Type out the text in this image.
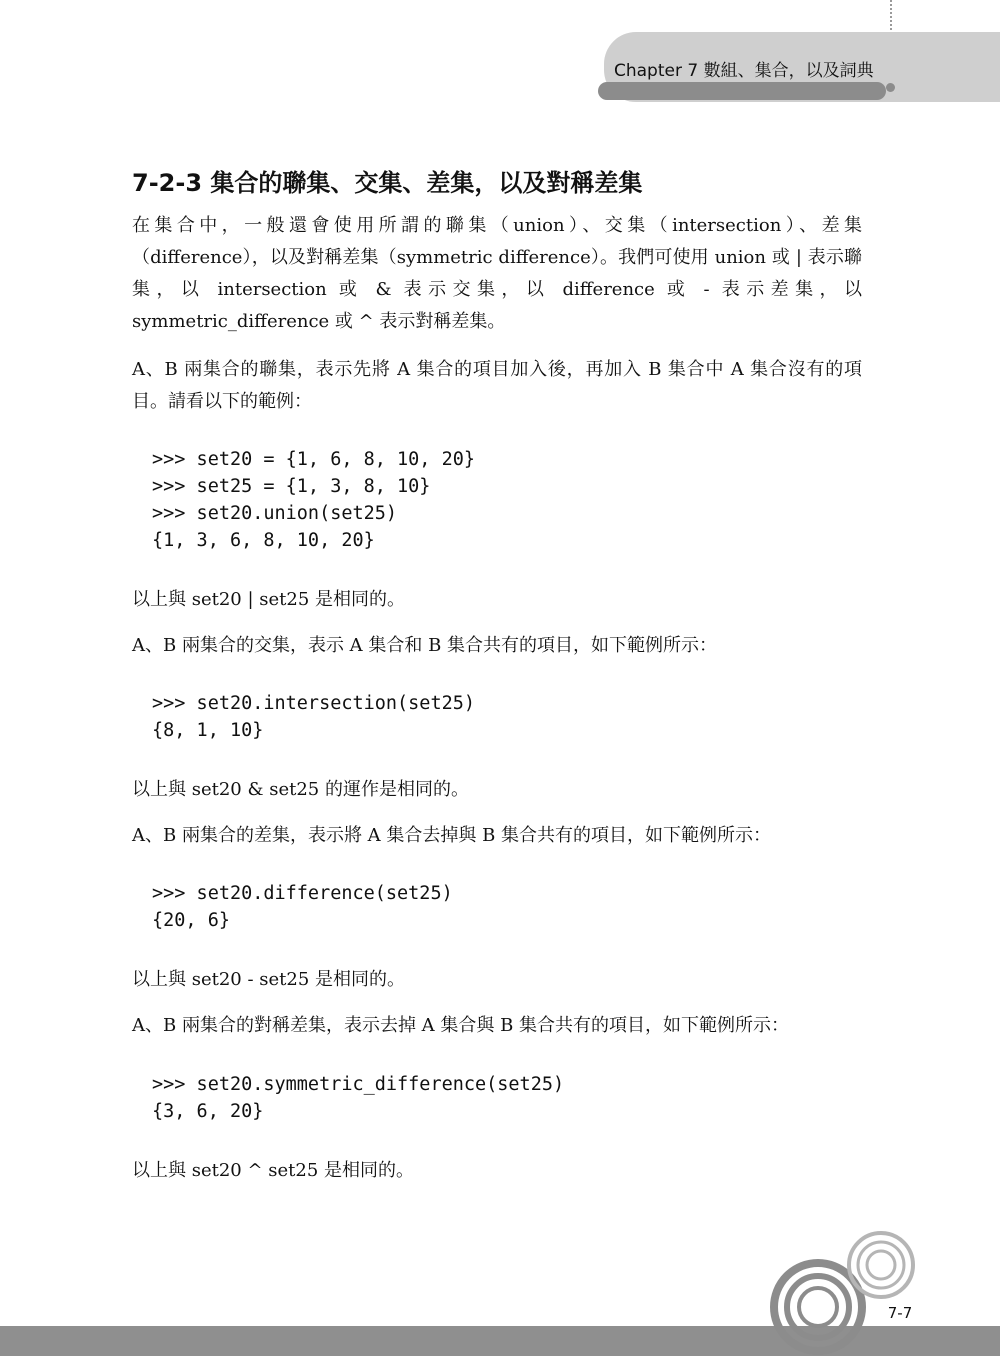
Chapter 7 數組、集合，以及詞典
7-2-3 集合的聯集、交集、差集，以及對稱差集

在集合中，一般還會使用所謂的聯集（union）、交集（intersection）、差集（difference），以及對稱差集（symmetric difference）。我們可使用 union 或 | 表示聯集，以 intersection 或 & 表示交集，以 difference 或 - 表示差集，以 symmetric_difference 或 ^ 表示對稱差集。

A、B 兩集合的聯集，表示先將 A 集合的項目加入後，再加入 B 集合中 A 集合沒有的項目。請看以下的範例：

>>> set20 = {1, 6, 8, 10, 20}
>>> set25 = {1, 3, 8, 10}
>>> set20.union(set25)
{1, 3, 6, 8, 10, 20}

以上與 set20 | set25 是相同的。

A、B 兩集合的交集，表示 A 集合和 B 集合共有的項目，如下範例所示：

>>> set20.intersection(set25)
{8, 1, 10}

以上與 set20 & set25 的運作是相同的。

A、B 兩集合的差集，表示將 A 集合去掉與 B 集合共有的項目，如下範例所示：

>>> set20.difference(set25)
{20, 6}

以上與 set20 - set25 是相同的。

A、B 兩集合的對稱差集，表示去掉 A 集合與 B 集合共有的項目，如下範例所示：

>>> set20.symmetric_difference(set25)
{3, 6, 20}

以上與 set20 ^ set25 是相同的。

7-7
